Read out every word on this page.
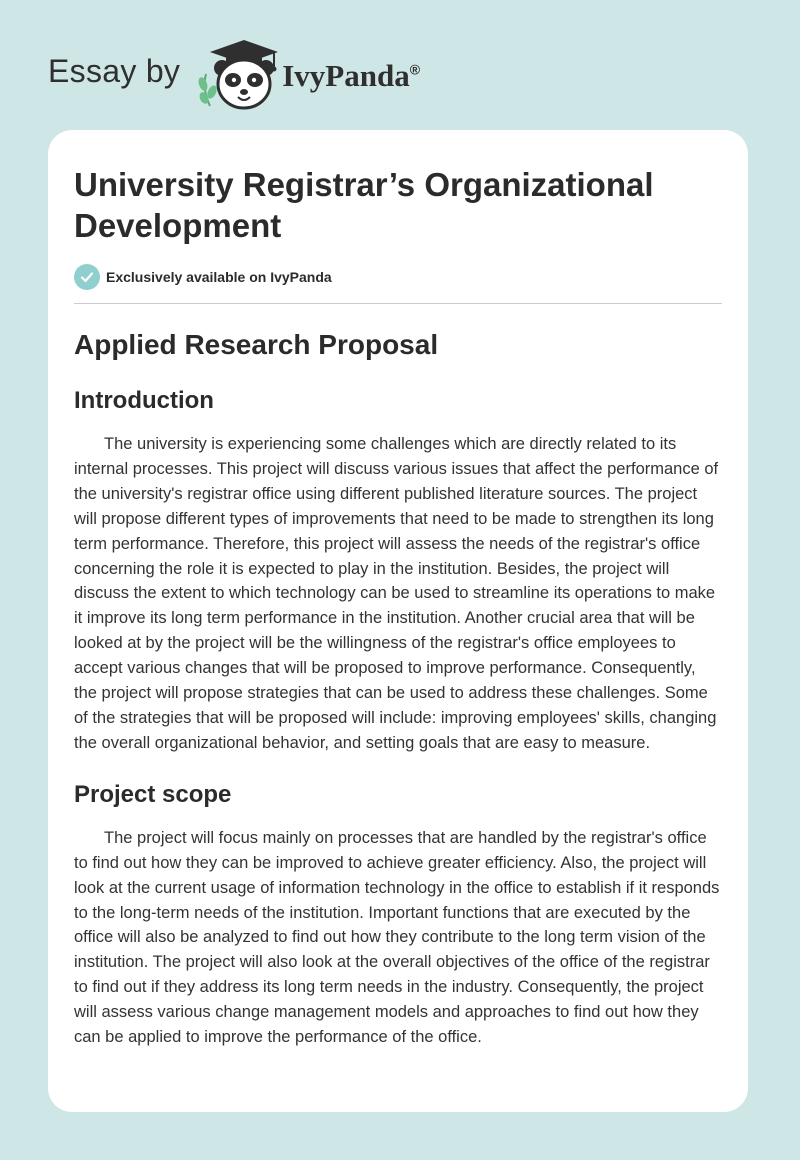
Essay by	IvyPanda®
University Registrar’s Organizational Development
Exclusively available on IvyPanda
Applied Research Proposal
Introduction

The university is experiencing some challenges which are directly related to its internal processes. This project will discuss various issues that affect the performance of the university's registrar office using different published literature sources. The project will propose different types of improvements that need to be made to strengthen its long term performance. Therefore, this project will assess the needs of the registrar's office concerning the role it is expected to play in the institution. Besides, the project will discuss the extent to which technology can be used to streamline its operations to make it improve its long term performance in the institution. Another crucial area that will be looked at by the project will be the willingness of the registrar's office employees to accept various changes that will be proposed to improve performance. Consequently, the project will propose strategies that can be used to address these challenges. Some of the strategies that will be proposed will include: improving employees' skills, changing the overall organizational behavior, and setting goals that are easy to measure.

Project scope

The project will focus mainly on processes that are handled by the registrar's office to find out how they can be improved to achieve greater efficiency. Also, the project will look at the current usage of information technology in the office to establish if it responds to the long-term needs of the institution. Important functions that are executed by the office will also be analyzed to find out how they contribute to the long term vision of the institution. The project will also look at the overall objectives of the office of the registrar to find out if they address its long term needs in the industry. Consequently, the project will assess various change management models and approaches to find out how they can be applied to improve the performance of the office.
